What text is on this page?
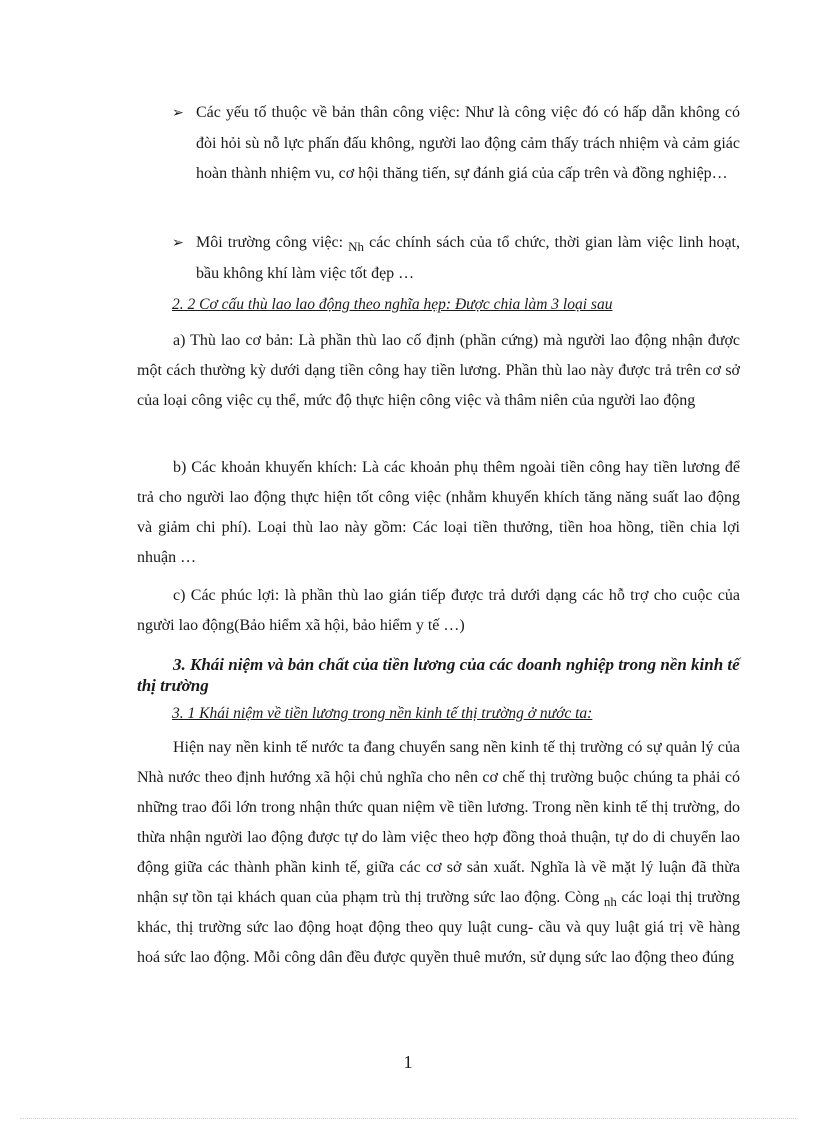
➢ Các yếu tố thuộc về bản thân công việc: Như là công việc đó có hấp dẫn không có đòi hỏi sù nỗ lực phấn đấu không, người lao động cảm thấy trách nhiệm và cảm giác hoàn thành nhiệm vu, cơ hội thăng tiến, sự đánh giá của cấp trên và đồng nghiệp…
➢ Môi trường công việc: $_{Nh}$ các chính sách của tổ chức, thời gian làm việc linh hoạt, bầu không khí làm việc tốt đẹp …
2. 2 Cơ cấu thù lao lao động theo nghĩa hẹp: Được chia làm 3 loại sau
a) Thù lao cơ bản: Là phần thù lao cố định (phần cứng) mà người lao động nhận được một cách thường kỳ dưới dạng tiền công hay tiền lương. Phần thù lao này được trả trên cơ sở của loại công việc cụ thể, mức độ thực hiện công việc và thâm niên của người lao động
b) Các khoản khuyến khích: Là các khoản phụ thêm ngoài tiền công hay tiền lương để trả cho người lao động thực hiện tốt công việc (nhằm khuyến khích tăng năng suất lao động và giảm chi phí). Loại thù lao này gồm: Các loại tiền thưởng, tiền hoa hồng, tiền chia lợi nhuận …
c) Các phúc lợi: là phần thù lao gián tiếp được trả dưới dạng các hỗ trợ cho cuộc của người lao động(Bảo hiểm xã hội, bảo hiểm y tế …)
3. Khái niệm và bản chất của tiền lương của các doanh nghiệp trong nền kinh tế thị trường
3. 1 Khái niệm về tiền lương trong nền kinh tế thị trường ở nước ta:
Hiện nay nền kinh tế nước ta đang chuyển sang nền kinh tế thị trường có sự quản lý của Nhà nước theo định hướng xã hội chủ nghĩa cho nên cơ chế thị trường buộc chúng ta phải có những trao đổi lớn trong nhận thức quan niệm về tiền lương. Trong nền kinh tế thị trường, do thừa nhận người lao động được tự do làm việc theo hợp đồng thoả thuận, tự do di chuyển lao động giữa các thành phần kinh tế, giữa các cơ sở sản xuất. Nghĩa là về mặt lý luận đã thừa nhận sự tồn tại khách quan của phạm trù thị trường sức lao động. Còng $_{nh}$ các loại thị trường khác, thị trường sức lao động hoạt động theo quy luật cung- cầu và quy luật giá trị về hàng hoá sức lao động. Mỗi công dân đều được quyền thuê mướn, sử dụng sức lao động theo đúng
1
